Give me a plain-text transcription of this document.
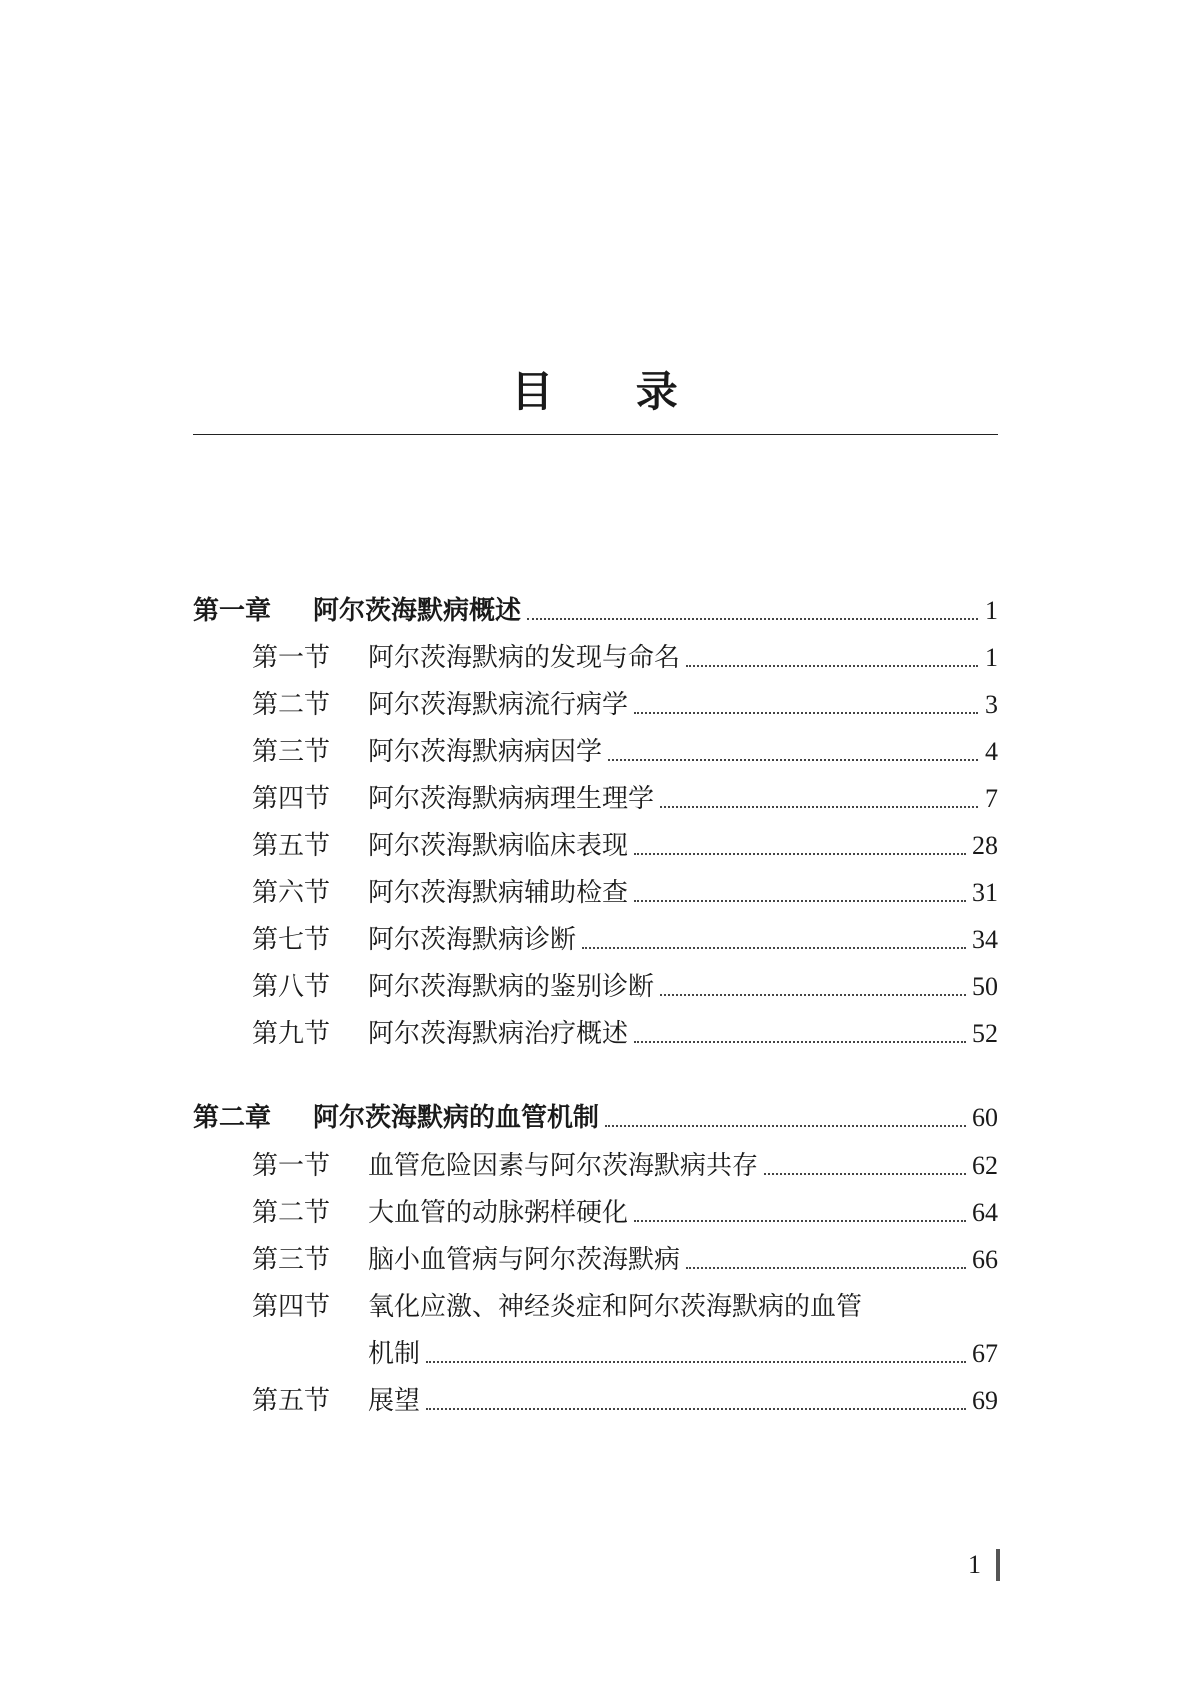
目 录
第一章	阿尔茨海默病概述	1
第一节	阿尔茨海默病的发现与命名	1
第二节	阿尔茨海默病流行病学	3
第三节	阿尔茨海默病病因学	4
第四节	阿尔茨海默病病理生理学	7
第五节	阿尔茨海默病临床表现	28
第六节	阿尔茨海默病辅助检查	31
第七节	阿尔茨海默病诊断	34
第八节	阿尔茨海默病的鉴别诊断	50
第九节	阿尔茨海默病治疗概述	52
第二章	阿尔茨海默病的血管机制	60
第一节	血管危险因素与阿尔茨海默病共存	62
第二节	大血管的动脉粥样硬化	64
第三节	脑小血管病与阿尔茨海默病	66
第四节	氧化应激、神经炎症和阿尔茨海默病的血管
机制	67
第五节	展望	69
1
